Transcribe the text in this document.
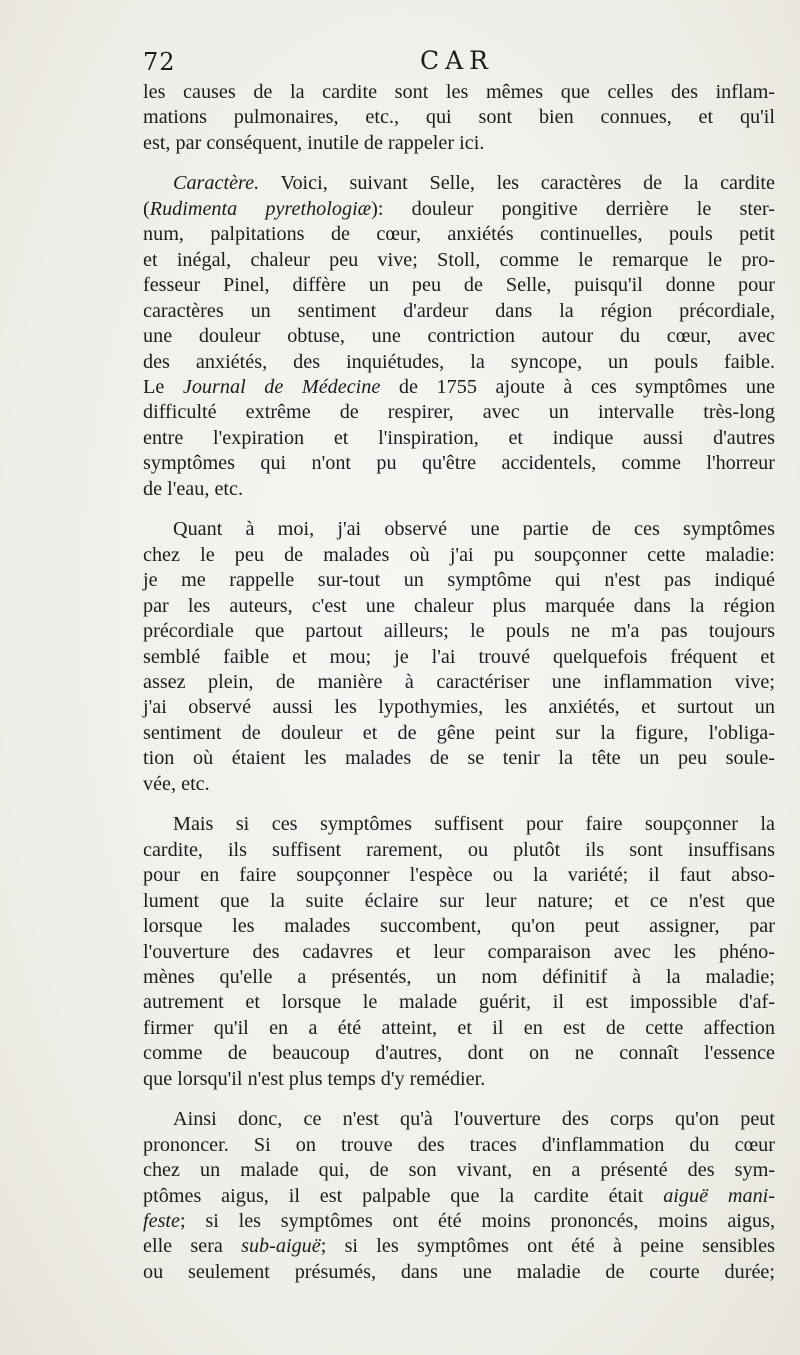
72	CAR

les causes de la cardite sont les mêmes que celles des inflam-
mations pulmonaires, etc., qui sont bien connues, et qu'il
est, par conséquent, inutile de rappeler ici.

Caractère. Voici, suivant Selle, les caractères de la cardite
(Rudimenta pyrethologiæ): douleur pongitive derrière le ster-
num, palpitations de cœur, anxiétés continuelles, pouls petit
et inégal, chaleur peu vive; Stoll, comme le remarque le pro-
fesseur Pinel, diffère un peu de Selle, puisqu'il donne pour
caractères un sentiment d'ardeur dans la région précordiale,
une douleur obtuse, une contriction autour du cœur, avec
des anxiétés, des inquiétudes, la syncope, un pouls faible.
Le Journal de Médecine de 1755 ajoute à ces symptômes une
difficulté extrême de respirer, avec un intervalle très-long
entre l'expiration et l'inspiration, et indique aussi d'autres
symptômes qui n'ont pu qu'être accidentels, comme l'horreur
de l'eau, etc.

Quant à moi, j'ai observé une partie de ces symptômes
chez le peu de malades où j'ai pu soupçonner cette maladie:
je me rappelle sur-tout un symptôme qui n'est pas indiqué
par les auteurs, c'est une chaleur plus marquée dans la région
précordiale que partout ailleurs; le pouls ne m'a pas toujours
semblé faible et mou; je l'ai trouvé quelquefois fréquent et
assez plein, de manière à caractériser une inflammation vive;
j'ai observé aussi les lypothymies, les anxiétés, et surtout un
sentiment de douleur et de gêne peint sur la figure, l'obliga-
tion où étaient les malades de se tenir la tête un peu soule-
vée, etc.

Mais si ces symptômes suffisent pour faire soupçonner la
cardite, ils suffisent rarement, ou plutôt ils sont insuffisans
pour en faire soupçonner l'espèce ou la variété; il faut abso-
lument que la suite éclaire sur leur nature; et ce n'est que
lorsque les malades succombent, qu'on peut assigner, par
l'ouverture des cadavres et leur comparaison avec les phéno-
mènes qu'elle a présentés, un nom définitif à la maladie;
autrement et lorsque le malade guérit, il est impossible d'af-
firmer qu'il en a été atteint, et il en est de cette affection
comme de beaucoup d'autres, dont on ne connaît l'essence
que lorsqu'il n'est plus temps d'y remédier.

Ainsi donc, ce n'est qu'à l'ouverture des corps qu'on peut
prononcer. Si on trouve des traces d'inflammation du cœur
chez un malade qui, de son vivant, en a présenté des sym-
ptômes aigus, il est palpable que la cardite était aiguë mani-
feste; si les symptômes ont été moins prononcés, moins aigus,
elle sera sub-aiguë; si les symptômes ont été à peine sensibles
ou seulement présumés, dans une maladie de courte durée;
